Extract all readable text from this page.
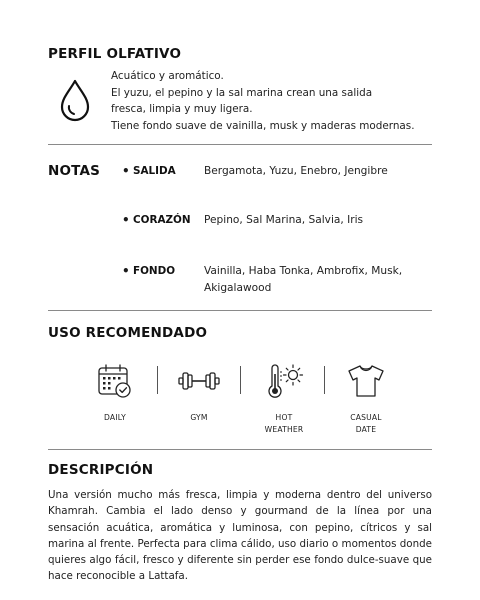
PERFIL OLFATIVO
Acuático y aromático.
El yuzu, el pepino y la sal marina crean una salida
fresca, limpia y muy ligera.
Tiene fondo suave de vainilla, musk y maderas modernas.
NOTAS • SALIDA	Bergamota, Yuzu, Enebro, Jengibre
• CORAZÓN Pepino, Sal Marina, Salvia, Iris
• FONDO	Vainilla, Haba Tonka, Ambrofix, Musk, Akigalawood
USO RECOMENDADO
DAILY	GYM	HOT
WEATHER
CASUAL
DATE
DESCRIPCIÓN
Una versión mucho más fresca, limpia y moderna dentro del universo Khamrah. Cambia el lado denso y gourmand de la línea por una sensación acuática, aromática y luminosa, con pepino, cítricos y sal marina al frente. Perfecta para clima cálido, uso diario o momentos donde quieres algo fácil, fresco y diferente sin perder ese fondo dulce-suave que hace reconocible a Lattafa.
